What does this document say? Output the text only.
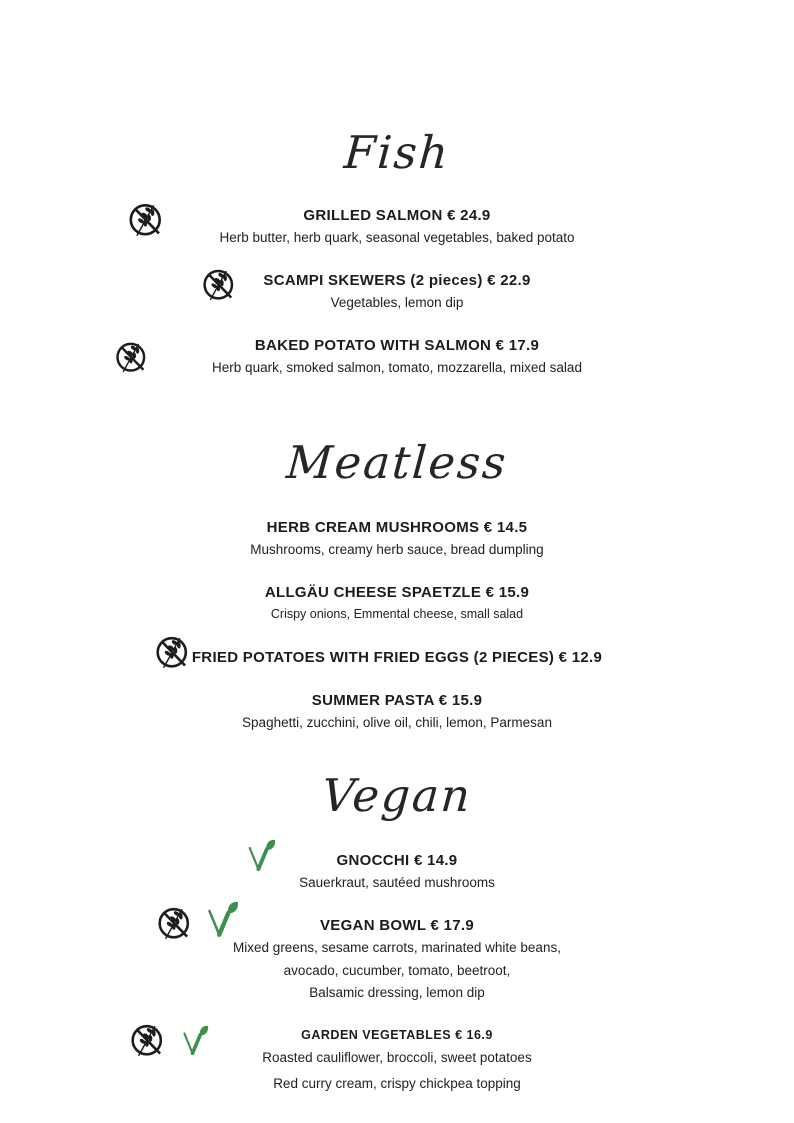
Fish
GRILLED SALMON € 24.9
Herb butter, herb quark, seasonal vegetables, baked potato
SCAMPI SKEWERS (2 pieces) € 22.9
Vegetables, lemon dip
BAKED POTATO WITH SALMON € 17.9
Herb quark, smoked salmon, tomato, mozzarella, mixed salad
Meatless
HERB CREAM MUSHROOMS € 14.5
Mushrooms, creamy herb sauce, bread dumpling
ALLGÄU CHEESE SPAETZLE € 15.9
Crispy onions, Emmental cheese, small salad
FRIED POTATOES WITH FRIED EGGS (2 PIECES) € 12.9
SUMMER PASTA € 15.9
Spaghetti, zucchini, olive oil, chili, lemon, Parmesan
Vegan
GNOCCHI € 14.9
Sauerkraut, sautéed mushrooms
VEGAN BOWL € 17.9
Mixed greens, sesame carrots, marinated white beans,
avocado, cucumber, tomato, beetroot,
Balsamic dressing, lemon dip
GARDEN VEGETABLES € 16.9
Roasted cauliflower, broccoli, sweet potatoes
Red curry cream, crispy chickpea topping
